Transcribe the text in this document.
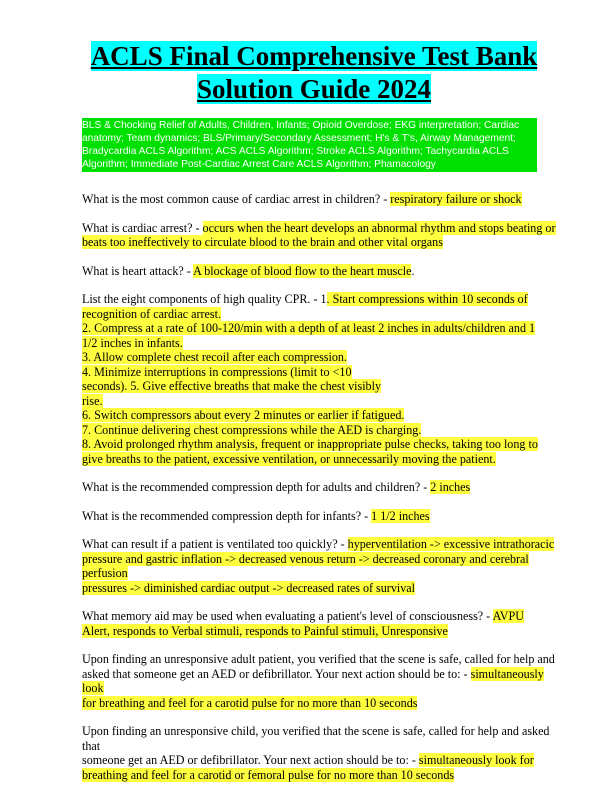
ACLS Final Comprehensive Test Bank
Solution Guide 2024
BLS & Chocking Relief of Adults, Children, Infants; Opioid Overdose; EKG interpretation; Cardiac anatomy; Team dynamics; BLS/Primary/Secondary Assessment; H's & T's, Airway Management; Bradycardia ACLS Algorithm; ACS ACLS Algorithm; Stroke ACLS Algorithm; Tachycardia ACLS Algorithm; Immediate Post-Cardiac Arrest Care ACLS Algorithm; Phamacology
What is the most common cause of cardiac arrest in children? - respiratory failure or shock
What is cardiac arrest? - occurs when the heart develops an abnormal rhythm and stops beating or
beats too ineffectively to circulate blood to the brain and other vital organs
What is heart attack? - A blockage of blood flow to the heart muscle.
List the eight components of high quality CPR. - 1. Start compressions within 10 seconds of
recognition of cardiac arrest.
2. Compress at a rate of 100-120/min with a depth of at least 2 inches in adults/children and 1
1/2 inches in infants.
3. Allow complete chest recoil after each compression.
4. Minimize interruptions in compressions (limit to <10
seconds). 5. Give effective breaths that make the chest visibly
rise.
6. Switch compressors about every 2 minutes or earlier if fatigued.
7. Continue delivering chest compressions while the AED is charging.
8. Avoid prolonged rhythm analysis, frequent or inappropriate pulse checks, taking too long to
give breaths to the patient, excessive ventilation, or unnecessarily moving the patient.
What is the recommended compression depth for adults and children? - 2 inches
What is the recommended compression depth for infants? - 1 1/2 inches
What can result if a patient is ventilated too quickly? - hyperventilation -> excessive intrathoracic
pressure and gastric inflation -> decreased venous return -> decreased coronary and cerebral perfusion
pressures -> diminished cardiac output -> decreased rates of survival
What memory aid may be used when evaluating a patient's level of consciousness? - AVPU
Alert, responds to Verbal stimuli, responds to Painful stimuli, Unresponsive
Upon finding an unresponsive adult patient, you verified that the scene is safe, called for help and
asked that someone get an AED or defibrillator. Your next action should be to: - simultaneously look
for breathing and feel for a carotid pulse for no more than 10 seconds
Upon finding an unresponsive child, you verified that the scene is safe, called for help and asked that
someone get an AED or defibrillator. Your next action should be to: - simultaneously look for
breathing and feel for a carotid or femoral pulse for no more than 10 seconds
